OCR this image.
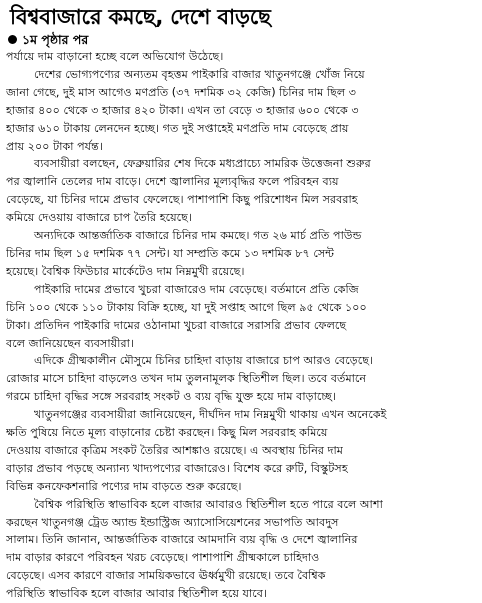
বিশ্ববাজারে কমছে, দেশে বাড়ছে
১ম পৃষ্ঠার পর

পর্যায়ে দাম বাড়ানো হচ্ছে বলে অভিযোগ উঠেছে।

দেশের ভোগ্যপণ্যের অন্যতম বৃহত্তম পাইকারি বাজার খাতুনগঞ্জে খোঁজ নিয়ে
জানা গেছে, দুই মাস আগেও মণপ্রতি (৩৭ দশমিক ৩২ কেজি) চিনির দাম ছিল ৩
হাজার ৪০০ থেকে ৩ হাজার ৪২০ টাকা। এখন তা বেড়ে ৩ হাজার ৬০০ থেকে ৩
হাজার ৬১০ টাকায় লেনদেন হচ্ছে। গত দুই সপ্তাহেই মণপ্রতি দাম বেড়েছে প্রায়
প্রায় ২০০ টাকা পর্যন্ত।

ব্যবসায়ীরা বলছেন, ফেব্রুয়ারির শেষ দিকে মধ্যপ্রাচ্যে সামরিক উত্তেজনা শুরুর
পর জ্বালানি তেলের দাম বাড়ে। দেশে জ্বালানির মূল্যবৃদ্ধির ফলে পরিবহন ব্যয়
বেড়েছে, যা চিনির দামে প্রভাব ফেলেছে। পাশাপাশি কিছু পরিশোধন মিল সরবরাহ
কমিয়ে দেওয়ায় বাজারে চাপ তৈরি হয়েছে।

অন্যদিকে আন্তর্জাতিক বাজারে চিনির দাম কমছে। গত ২৬ মার্চ প্রতি পাউন্ড
চিনির দাম ছিল ১৫ দশমিক ৭৭ সেন্ট। যা সম্প্রতি কমে ১৩ দশমিক ৮৭ সেন্ট
হয়েছে। বৈশ্বিক ফিউচার মার্কেটেও দাম নিম্নমুখী রয়েছে।

পাইকারি দামের প্রভাবে খুচরা বাজারেও দাম বেড়েছে। বর্তমানে প্রতি কেজি
চিনি ১০০ থেকে ১১০ টাকায় বিক্রি হচ্ছে, যা দুই সপ্তাহ আগে ছিল ৯৫ থেকে ১০০
টাকা। প্রতিদিন পাইকারি দামের ওঠানামা খুচরা বাজারে সরাসরি প্রভাব ফেলছে
বলে জানিয়েছেন ব্যবসায়ীরা।

এদিকে গ্রীষ্মকালীন মৌসুমে চিনির চাহিদা বাড়ায় বাজারে চাপ আরও বেড়েছে।
রোজার মাসে চাহিদা বাড়লেও তখন দাম তুলনামূলক স্থিতিশীল ছিল। তবে বর্তমানে
গরমে চাহিদা বৃদ্ধির সঙ্গে সরবরাহ সংকট ও ব্যয় বৃদ্ধি যুক্ত হয়ে দাম বাড়াচ্ছে।

খাতুনগঞ্জের ব্যবসায়ীরা জানিয়েছেন, দীর্ঘদিন দাম নিম্নমুখী থাকায় এখন অনেকেই
ক্ষতি পুষিয়ে নিতে মূল্য বাড়ানোর চেষ্টা করছেন। কিছু মিল সরবরাহ কমিয়ে
দেওয়ায় বাজারে কৃত্রিম সংকট তৈরির আশঙ্কাও রয়েছে। এ অবস্থায় চিনির দাম
বাড়ার প্রভাব পড়ছে অন্যান্য খাদ্যপণ্যের বাজারেও। বিশেষ করে রুটি, বিস্কুটসহ
বিভিন্ন কনফেকশনারি পণ্যের দাম বাড়তে শুরু করেছে।

বৈশ্বিক পরিস্থিতি স্বাভাবিক হলে বাজার আবারও স্থিতিশীল হতে পারে বলে আশা
করছেন খাতুনগঞ্জ ট্রেড অ্যান্ড ইন্ডাস্ট্রিজ অ্যাসোসিয়েশনের সভাপতি আবদুস
সালাম। তিনি জানান, আন্তর্জাতিক বাজারে আমদানি ব্যয় বৃদ্ধি ও দেশে জ্বালানির
দাম বাড়ার কারণে পরিবহন খরচ বেড়েছে। পাশাপাশি গ্রীষ্মকালে চাহিদাও
বেড়েছে। এসব কারণে বাজার সাময়িকভাবে ঊর্ধ্বমুখী রয়েছে। তবে বৈশ্বিক
পরিস্থিতি স্বাভাবিক হলে বাজার আবার স্থিতিশীল হয়ে যাবে।
